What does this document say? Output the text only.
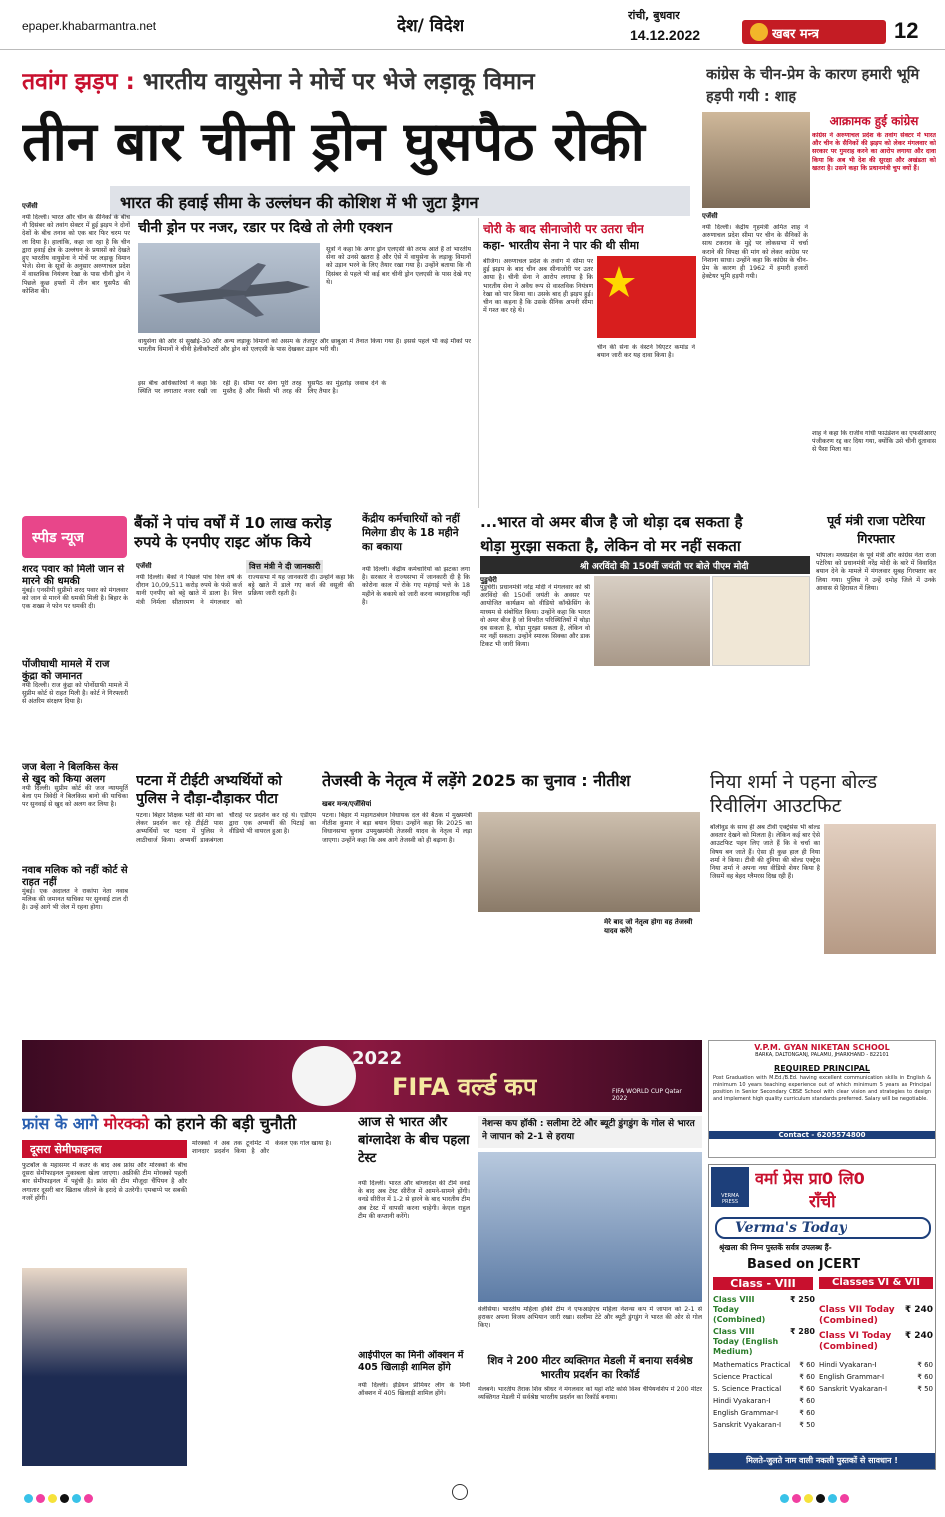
epaper.khabarmantra.net	देश/ विदेश
रांची, बुधवार
14.12.2022	खबर मन्त्र	12
तवांग झड़प : भारतीय वायुसेना ने मोर्चे पर भेजे लड़ाकू विमान
तीन बार चीनी ड्रोन घुसपैठ रोकी
भारत की हवाई सीमा के उल्लंघन की कोशिश में भी जुटा ड्रैगन
एजेंसी
नयी दिल्ली। भारत और चीन के सैनिकों के बीच नौ दिसंबर को तवांग सेक्टर में हुई झड़प ने दोनों देशों के बीच तनाव को एक बार फिर चरम पर ला दिया है। हालांकि, कहा जा रहा है कि चीन द्वारा हवाई क्षेत्र के उल्लंघन के प्रयासों को देखते हुए भारतीय वायुसेना ने मोर्चे पर लड़ाकू विमान भेजे। सेना के सूत्रों के अनुसार अरुणाचल प्रदेश में वास्तविक नियंत्रण रेखा के पास चीनी ड्रोन ने पिछले कुछ हफ्तों में तीन बार घुसपैठ की कोशिश की।
चीनी ड्रोन पर नजर, रडार पर दिखे तो लेगी एक्शन
सूत्रों ने कहा कि अगर ड्रोन एलएसी की तरफ आते हैं तो भारतीय सेना को उनसे खतरा है और ऐसे में वायुसेना के लड़ाकू विमानों को उड़ान भरने के लिए तैयार रखा गया है। उन्होंने बताया कि नौ दिसंबर से पहले भी कई बार चीनी ड्रोन एलएसी के पास देखे गए थे।
वायुसेना की ओर से सुखोई-30 और अन्य लड़ाकू विमानों को असम के तेजपुर और छाबुआ में तैनात किया गया है। इससे पहले भी कई मौकों पर भारतीय विमानों ने चीनी हेलीकॉप्टरों और ड्रोन को एलएसी के पास देखकर उड़ान भरी थी।
इस बीच अधिकारियों ने कहा कि स्थिति पर लगातार नजर रखी जा रही है। सीमा पर सेना पूरी तरह मुस्तैद है और किसी भी तरह की घुसपैठ का मुंहतोड़ जवाब देने के लिए तैयार है।
चोरी के बाद सीनाजोरी पर उतरा चीन
कहा- भारतीय सेना ने पार की थी सीमा
बीजिंग। अरुणाचल प्रदेश के तवांग में सीमा पर हुई झड़प के बाद चीन अब सीनाजोरी पर उतर आया है। चीनी सेना ने आरोप लगाया है कि भारतीय सेना ने अवैध रूप से वास्तविक नियंत्रण रेखा को पार किया था। उसके बाद ही झड़प हुई। चीन का कहना है कि उसके सैनिक अपनी सीमा में गश्त कर रहे थे।
चीन की सेना के वेस्टर्न थिएटर कमांड ने बयान जारी कर यह दावा किया है।
कांग्रेस के चीन-प्रेम के कारण हमारी भूमि हड़पी गयी : शाह
आक्रामक हुई कांग्रेस
कांग्रेस ने अरुणाचल प्रदेश के तवांग सेक्टर में भारत और चीन के सैनिकों की झड़प को लेकर मंगलवार को सरकार पर गुमराह करने का आरोप लगाया और दावा किया कि अब भी देश की सुरक्षा और अखंडता को खतरा है। उसने कहा कि प्रधानमंत्री चुप क्यों हैं।
एजेंसी
नयी दिल्ली। केंद्रीय गृहमंत्री अमित शाह ने अरुणाचल प्रदेश सीमा पर चीन के सैनिकों के साथ टकराव के मुद्दे पर लोकसभा में चर्चा कराने की विपक्ष की मांग को लेकर कांग्रेस पर निशाना साधा। उन्होंने कहा कि कांग्रेस के चीन-प्रेम के कारण ही 1962 में हमारी हजारों हेक्टेयर भूमि हड़पी गयी।
शाह ने कहा कि राजीव गांधी फाउंडेशन का एफसीआरए पंजीकरण रद्द कर दिया गया, क्योंकि उसे चीनी दूतावास से पैसा मिला था।
स्पीड न्यूज
शरद पवार को मिली जान से मारने की धमकी
मुंबई। एनसीपी सुप्रीमो शरद पवार को मंगलवार को जान से मारने की धमकी मिली है। बिहार के एक शख्स ने फोन पर धमकी दी।
पोंजीघाधी मामले में राज कुंद्रा को जमानत
नयी दिल्ली। राज कुंद्रा को पोर्नोग्राफी मामले में सुप्रीम कोर्ट से राहत मिली है। कोर्ट ने गिरफ्तारी से अंतरिम संरक्षण दिया है।
जज बेला ने बिलकिस केस से खुद को किया अलग
नयी दिल्ली। सुप्रीम कोर्ट की जज न्यायमूर्ति बेला एम त्रिवेदी ने बिलकिस बानो की याचिका पर सुनवाई से खुद को अलग कर लिया है।
नवाब मलिक को नहीं कोर्ट से राहत नहीं
मुंबई। एक अदालत ने राकांपा नेता नवाब मलिक की जमानत याचिका पर सुनवाई टाल दी है। उन्हें आगे भी जेल में रहना होगा।
बैंकों ने पांच वर्षों में 10 लाख करोड़ रुपये के एनपीए राइट ऑफ किये
एजेंसी	वित्त मंत्री ने दी जानकारी
नयी दिल्ली। बैंकों ने पिछले पांच वित्त वर्ष के दौरान 10,09,511 करोड़ रुपये के फंसे कर्ज यानी एनपीए को बट्टे खाते में डाला है। वित्त मंत्री निर्मला सीतारमण ने मंगलवार को राज्यसभा में यह जानकारी दी। उन्होंने कहा कि बट्टे खाते में डाले गए कर्ज की वसूली की प्रक्रिया जारी रहती है।
केंद्रीय कर्मचारियों को नहीं मिलेगा डीए के 18 महीने का बकाया
नयी दिल्ली। केंद्रीय कर्मचारियों को झटका लगा है। सरकार ने राज्यसभा में जानकारी दी है कि कोरोना काल में रोके गए महंगाई भत्ते के 18 महीने के बकाये को जारी करना व्यावहारिक नहीं है।
...भारत वो अमर बीज है जो थोड़ा दब सकता है
थोड़ा मुरझा सकता है, लेकिन वो मर नहीं सकता
श्री अरविंदो की 150वीं जयंती पर बोले पीएम मोदी
पुडुचेरी
पुडुचेरी। प्रधानमंत्री नरेंद्र मोदी ने मंगलवार को श्री अरविंदो की 150वीं जयंती के अवसर पर आयोजित कार्यक्रम को वीडियो कॉन्फ्रेंसिंग के माध्यम से संबोधित किया। उन्होंने कहा कि भारत वो अमर बीज है जो विपरीत परिस्थितियों में थोड़ा दब सकता है, थोड़ा मुरझा सकता है, लेकिन वो मर नहीं सकता। उन्होंने स्मारक सिक्का और डाक टिकट भी जारी किया।
पूर्व मंत्री राजा पटेरिया गिरफ्तार
भोपाल। मध्यप्रदेश के पूर्व मंत्री और कांग्रेस नेता राजा पटेरिया को प्रधानमंत्री नरेंद्र मोदी के बारे में विवादित बयान देने के मामले में मंगलवार सुबह गिरफ्तार कर लिया गया। पुलिस ने उन्हें दमोह जिले में उनके आवास से हिरासत में लिया।
पटना में टीईटी अभ्यर्थियों को पुलिस ने दौड़ा-दौड़ाकर पीटा
पटना। बिहार शिक्षक भर्ती की मांग को लेकर प्रदर्शन कर रहे टीईटी पास अभ्यर्थियों पर पटना में पुलिस ने लाठीचार्ज किया। अभ्यर्थी डाकबंगला चौराहे पर प्रदर्शन कर रहे थे। एडीएम द्वारा एक अभ्यर्थी की पिटाई का वीडियो भी वायरल हुआ है।
तेजस्वी के नेतृत्व में लड़ेंगे 2025 का चुनाव : नीतीश
खबर मन्त्र/एजेंसियां
पटना। बिहार में महागठबंधन विधायक दल की बैठक में मुख्यमंत्री नीतीश कुमार ने बड़ा बयान दिया। उन्होंने कहा कि 2025 का विधानसभा चुनाव उपमुख्यमंत्री तेजस्वी यादव के नेतृत्व में लड़ा जाएगा। उन्होंने कहा कि अब आगे तेजस्वी को ही बढ़ाना है।
मेरे बाद जो नेतृत्व होगा वह तेजस्वी यादव करेंगे
निया शर्मा ने पहना बोल्ड रिवीलिंग आउटफिट
बॉलीवुड के साथ ही अब टीवी एक्ट्रेसेस भी बोल्ड अवतार देखने को मिलता है। लेकिन कई बार ऐसे आउटफिट पहन लिए जाते हैं कि वे चर्चा का विषय बन जाते हैं। ऐसा ही कुछ हाल ही निया शर्मा ने किया। टीवी की दुनिया की बोल्ड एक्ट्रेस निया शर्मा ने अपना नया वीडियो शेयर किया है जिसमें वह बेहद ग्लैमरस दिख रही हैं।
2022
FIFA वर्ल्ड कप	FIFA WORLD CUP Qatar 2022
V.P.M. GYAN NIKETAN SCHOOL
BARKA, DALTONGANJ, PALAMU, JHARKHAND - 822101
REQUIRED PRINCIPAL
Post Graduation with M.Ed./B.Ed. having excellent communication skills in English & minimum 10 years teaching experience out of which minimum 5 years as Principal position in Senior Secondary CBSE School with clear vision and strategies to design and implement high quality curriculum standards preferred. Salary will be negotiable.
Contact - 6205574800
फ्रांस के आगे मोरक्को को हराने की बड़ी चुनौती
दूसरा सेमीफाइनल
फुटबॉल के महासमर में कतर के बाद अब फ्रांस और मोरक्को के बीच दूसरा सेमीफाइनल मुकाबला खेला जाएगा। अफ्रीकी टीम मोरक्को पहली बार सेमीफाइनल में पहुंची है। फ्रांस की टीम मौजूदा चैंपियन है और लगातार दूसरी बार खिताब जीतने के इरादे से उतरेगी। एमबाप्पे पर सबकी नजरें होंगी।
मोरक्को ने अब तक टूर्नामेंट में शानदार प्रदर्शन किया है और केवल एक गोल खाया है।
आज से भारत और बांग्लादेश के बीच पहला टेस्ट
नयी दिल्ली। भारत और बांग्लादेश की टीमें वनडे के बाद अब टेस्ट सीरीज में आमने-सामने होंगी। वनडे सीरीज में 1-2 से हारने के बाद भारतीय टीम अब टेस्ट में वापसी करना चाहेगी। केएल राहुल टीम की कप्तानी करेंगे।
आईपीएल का मिनी ऑक्शन में 405 खिलाड़ी शामिल होंगे
नयी दिल्ली। इंडियन प्रीमियर लीग के मिनी ऑक्शन में 405 खिलाड़ी शामिल होंगे।
नेशन्स कप हॉकी : सलीमा टेटे और ब्यूटी डुंगडुंग के गोल से भारत ने जापान को 2-1 से हराया
वेलेंसिया। भारतीय महिला हॉकी टीम ने एफआईएच महिला नेशन्स कप में जापान को 2-1 से हराकर अपना विजय अभियान जारी रखा। सलीमा टेटे और ब्यूटी डुंगडुंग ने भारत की ओर से गोल किए।
शिव ने 200 मीटर व्यक्तिगत मेडली में बनाया सर्वश्रेष्ठ भारतीय प्रदर्शन का रिकॉर्ड
मेलबर्न। भारतीय तैराक शिव श्रीधर ने मंगलवार को यहां शॉर्ट कोर्स विश्व चैंपियनशिप में 200 मीटर व्यक्तिगत मेडली में सर्वश्रेष्ठ भारतीय प्रदर्शन का रिकॉर्ड बनाया।
VERMA PRESS
वर्मा प्रेस प्रा0 लि0
राँची
Verma's Today
श्रृंखला की निम्न पुस्तकें सर्वत्र उपलब्ध हैं-
Based on JCERT
Class - VIII	Classes VI & VII
Class VIII Today (Combined)
₹ 250
Class VIII Today (English Medium)
₹ 280
Mathematics Practical ₹ 60
Science Practical	₹ 60
S. Science Practical	₹ 60
Hindi Vyakaran-I	₹ 60
English Grammar-I	₹ 60
Sanskrit Vyakaran-I	₹ 50
Class VII Today (Combined)
₹ 240
Class VI Today (Combined)
₹ 240
Hindi Vyakaran-I	₹ 60
English Grammar-I	₹ 60
Sanskrit Vyakaran-I	₹ 50
मिलते-जुलते नाम वाली नकली पुस्तकों से सावधान !
